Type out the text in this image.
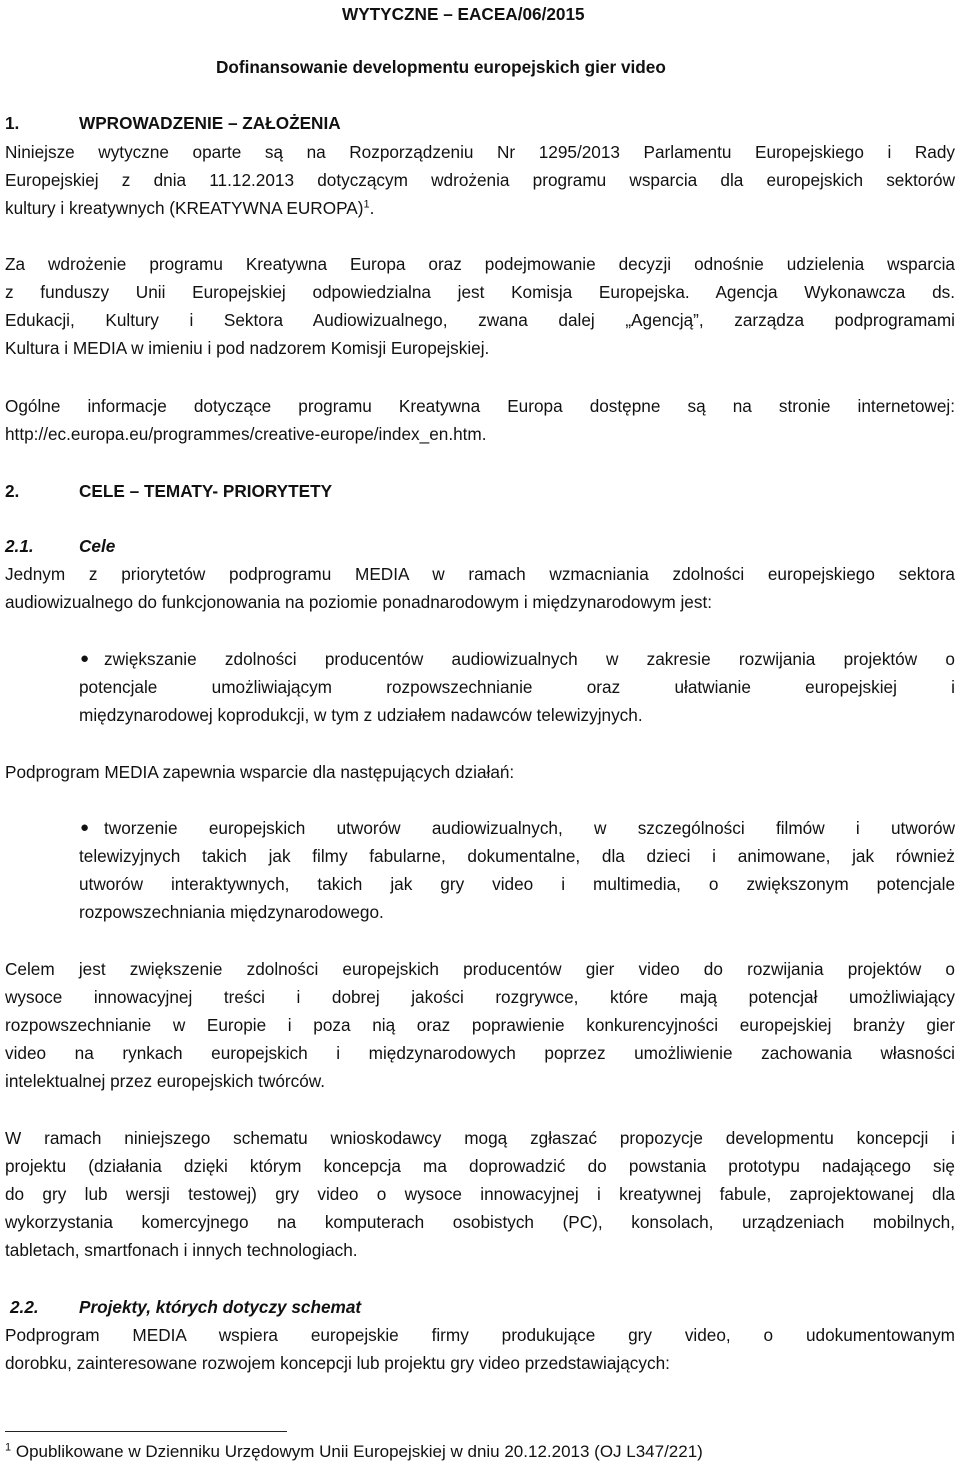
WYTYCZNE – EACEA/06/2015
Dofinansowanie developmentu europejskich gier video
1.	WPROWADZENIE – ZAŁOŻENIA
Niniejsze wytyczne oparte są na Rozporządzeniu Nr 1295/2013 Parlamentu Europejskiego i Rady
Europejskiej z dnia 11.12.2013 dotyczącym wdrożenia programu wsparcia dla europejskich sektorów
kultury i kreatywnych (KREATYWNA EUROPA)$^1$.
Za wdrożenie programu Kreatywna Europa oraz podejmowanie decyzji odnośnie udzielenia wsparcia
z funduszy Unii Europejskiej odpowiedzialna jest Komisja Europejska. Agencja Wykonawcza ds.
Edukacji, Kultury i Sektora Audiowizualnego, zwana dalej „Agencją”, zarządza podprogramami
Kultura i MEDIA w imieniu i pod nadzorem Komisji Europejskiej.
Ogólne informacje dotyczące programu Kreatywna Europa dostępne są na stronie internetowej:
http://ec.europa.eu/programmes/creative-europe/index_en.htm.
2.	CELE – TEMATY- PRIORYTETY
2.1.	Cele
Jednym z priorytetów podprogramu MEDIA w ramach wzmacniania zdolności europejskiego sektora
audiowizualnego do funkcjonowania na poziomie ponadnarodowym i międzynarodowym jest:
● zwiększanie zdolności producentów audiowizualnych w zakresie rozwijania projektów o
potencjale umożliwiającym rozpowszechnianie oraz ułatwianie europejskiej i
międzynarodowej koprodukcji, w tym z udziałem nadawców telewizyjnych.
Podprogram MEDIA zapewnia wsparcie dla następujących działań:
● tworzenie europejskich utworów audiowizualnych, w szczególności filmów i utworów
telewizyjnych takich jak filmy fabularne, dokumentalne, dla dzieci i animowane, jak również
utworów interaktywnych, takich jak gry video i multimedia, o zwiększonym potencjale
rozpowszechniania międzynarodowego.
Celem jest zwiększenie zdolności europejskich producentów gier video do rozwijania projektów o
wysoce innowacyjnej treści i dobrej jakości rozgrywce, które mają potencjał umożliwiający
rozpowszechnianie w Europie i poza nią oraz poprawienie konkurencyjności europejskiej branży gier
video na rynkach europejskich i międzynarodowych poprzez umożliwienie zachowania własności
intelektualnej przez europejskich twórców.
W ramach niniejszego schematu wnioskodawcy mogą zgłaszać propozycje developmentu koncepcji i
projektu (działania dzięki którym koncepcja ma doprowadzić do powstania prototypu nadającego się
do gry lub wersji testowej) gry video o wysoce innowacyjnej i kreatywnej fabule, zaprojektowanej dla
wykorzystania komercyjnego na komputerach osobistych (PC), konsolach, urządzeniach mobilnych,
tabletach, smartfonach i innych technologiach.
2.2. Projekty, których dotyczy schemat
Podprogram MEDIA wspiera europejskie firmy produkujące gry video, o udokumentowanym
dorobku, zainteresowane rozwojem koncepcji lub projektu gry video przedstawiających:
$^1$ Opublikowane w Dzienniku Urzędowym Unii Europejskiej w dniu 20.12.2013 (OJ L347/221)
